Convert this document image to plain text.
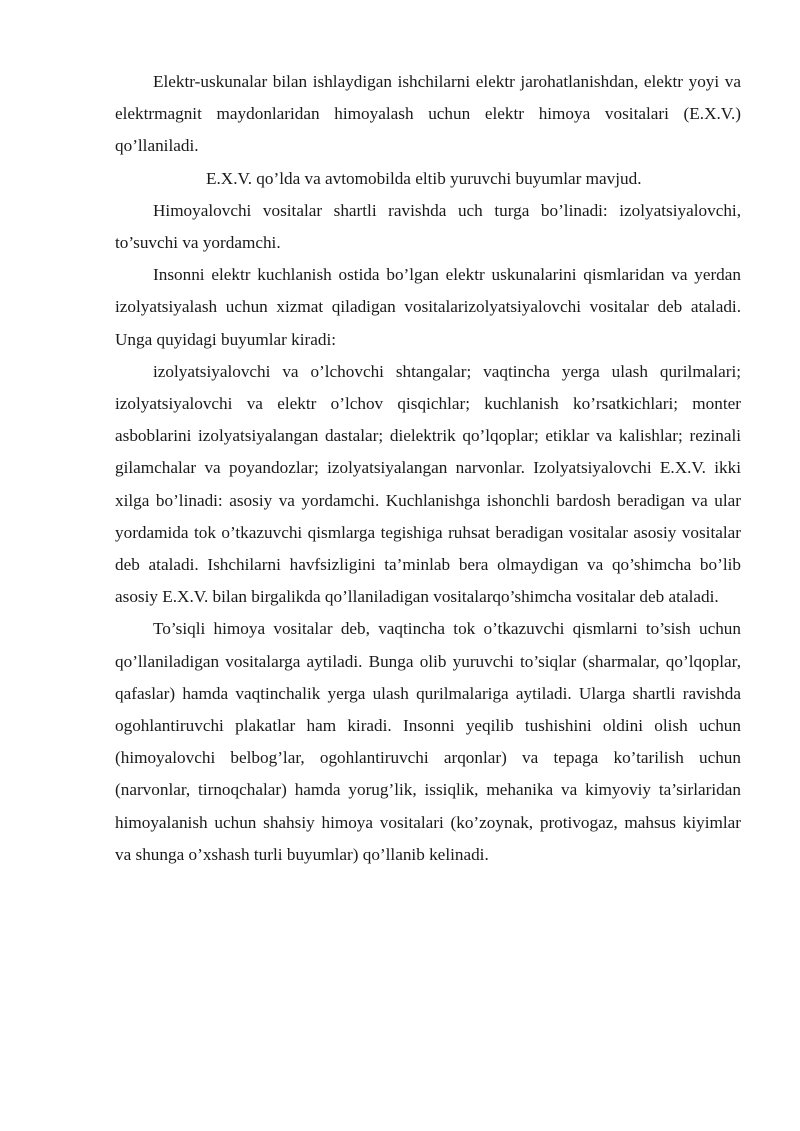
Elektr-uskunalar bilan ishlaydigan ishchilarni elektr jarohatlanishdan, elektr yoyi va elektrmagnit maydonlaridan himoyalash uchun elektr himoya vositalari (E.X.V.) qo’llaniladi.

E.X.V. qo’lda va avtomobilda eltib yuruvchi buyumlar mavjud.

Himoyalovchi vositalar shartli ravishda uch turga bo’linadi: izolyatsiyalovchi, to’suvchi va yordamchi.

Insonni elektr kuchlanish ostida bo’lgan elektr uskunalarini qismlaridan va yerdan izolyatsiyalash uchun xizmat qiladigan vositalarizolyatsiyalovchi vositalar deb ataladi. Unga quyidagi buyumlar kiradi:

izolyatsiyalovchi va o’lchovchi shtangalar; vaqtincha yerga ulash qurilmalari; izolyatsiyalovchi va elektr o’lchov qisqichlar; kuchlanish ko’rsatkichlari; monter asboblarini izolyatsiyalangan dastalar; dielektrik qo’lqoplar; etiklar va kalishlar; rezinali gilamchalar va poyandozlar; izolyatsiyalangan narvonlar. Izolyatsiyalovchi E.X.V. ikki xilga bo’linadi: asosiy va yordamchi. Kuchlanishga ishonchli bardosh beradigan va ular yordamida tok o’tkazuvchi qismlarga tegishiga ruhsat beradigan vositalar asosiy vositalar deb ataladi. Ishchilarni havfsizligini ta’minlab bera olmaydigan va qo’shimcha bo’lib asosiy E.X.V. bilan birgalikda qo’llaniladigan vositalarqo’shimcha vositalar deb ataladi.

To’siqli himoya vositalar deb, vaqtincha tok o’tkazuvchi qismlarni to’sish uchun qo’llaniladigan vositalarga aytiladi. Bunga olib yuruvchi to’siqlar (sharmalar, qo’lqoplar, qafaslar) hamda vaqtinchalik yerga ulash qurilmalariga aytiladi. Ularga shartli ravishda ogohlantiruvchi plakatlar ham kiradi. Insonni yeqilib tushishini oldini olish uchun (himoyalovchi belbog’lar, ogohlantiruvchi arqonlar) va tepaga ko’tarilish uchun (narvonlar, tirnoqchalar) hamda yorug’lik, issiqlik, mehanika va kimyoviy ta’sirlaridan himoyalanish uchun shahsiy himoya vositalari (ko’zoynak, protivogaz, mahsus kiyimlar va shunga o’xshash turli buyumlar) qo’llanib kelinadi.
